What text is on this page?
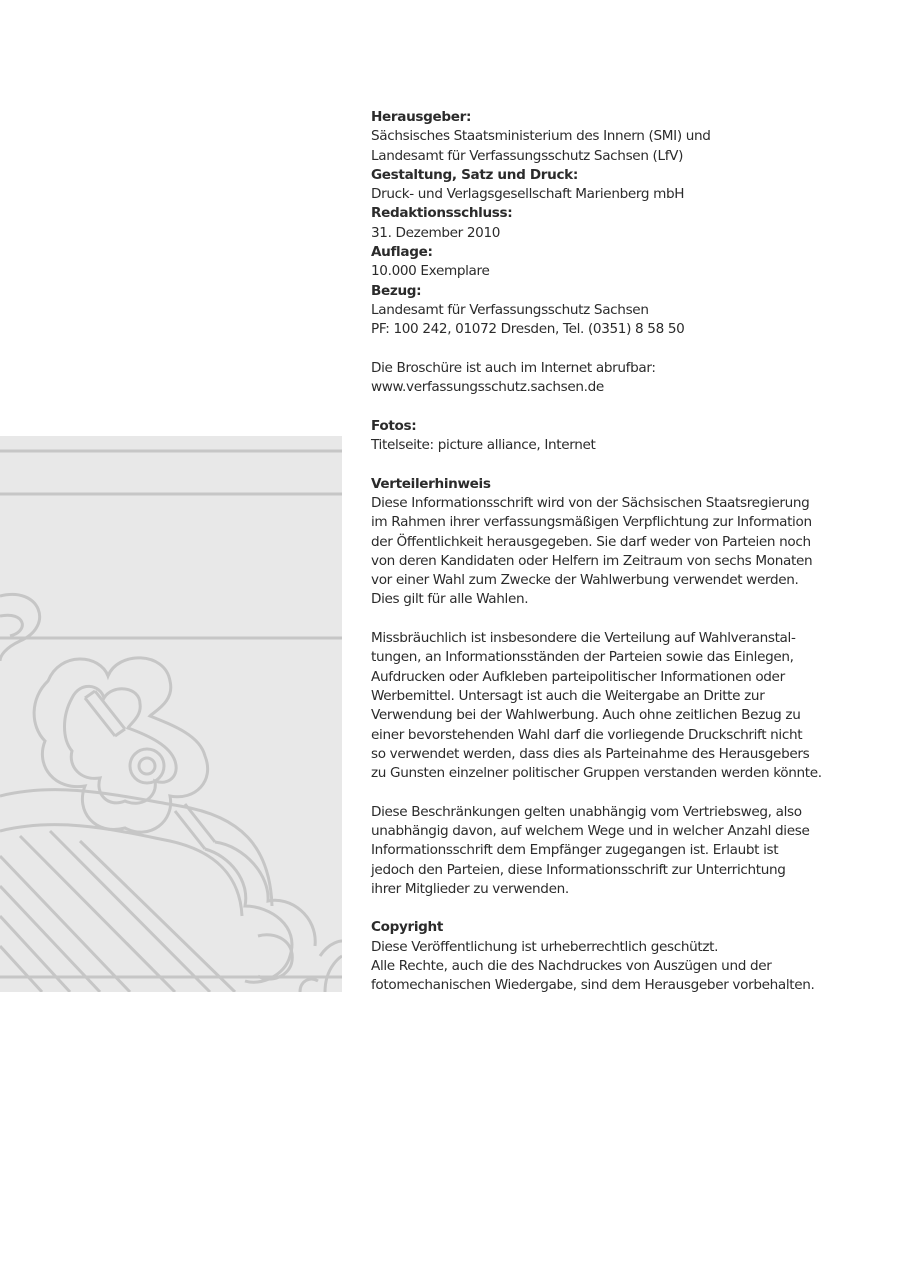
Herausgeber:
Sächsisches Staatsministerium des Innern (SMI) und
Landesamt für Verfassungsschutz Sachsen (LfV)
Gestaltung, Satz und Druck:
Druck- und Verlagsgesellschaft Marienberg mbH
Redaktionsschluss:
31. Dezember 2010
Auflage:
10.000 Exemplare
Bezug:
Landesamt für Verfassungsschutz Sachsen
PF: 100 242, 01072 Dresden, Tel. (0351) 8 58 50
Die Broschüre ist auch im Internet abrufbar:
www.verfassungsschutz.sachsen.de
Fotos:
Titelseite: picture alliance, Internet
Verteilerhinweis
Diese Informationsschrift wird von der Sächsischen Staatsregierung
im Rahmen ihrer verfassungsmäßigen Verpflichtung zur Information
der Öffentlichkeit herausgegeben. Sie darf weder von Parteien noch
von deren Kandidaten oder Helfern im Zeitraum von sechs Monaten
vor einer Wahl zum Zwecke der Wahlwerbung verwendet werden.
Dies gilt für alle Wahlen.
Missbräuchlich ist insbesondere die Verteilung auf Wahlveranstal-
tungen, an Informationsständen der Parteien sowie das Einlegen,
Aufdrucken oder Aufkleben parteipolitischer Informationen oder
Werbemittel. Untersagt ist auch die Weitergabe an Dritte zur
Verwendung bei der Wahlwerbung. Auch ohne zeitlichen Bezug zu
einer bevorstehenden Wahl darf die vorliegende Druckschrift nicht
so verwendet werden, dass dies als Parteinahme des Herausgebers
zu Gunsten einzelner politischer Gruppen verstanden werden könnte.
Diese Beschränkungen gelten unabhängig vom Vertriebsweg, also
unabhängig davon, auf welchem Wege und in welcher Anzahl diese
Informationsschrift dem Empfänger zugegangen ist. Erlaubt ist
jedoch den Parteien, diese Informationsschrift zur Unterrichtung
ihrer Mitglieder zu verwenden.
Copyright
Diese Veröffentlichung ist urheberrechtlich geschützt.
Alle Rechte, auch die des Nachdruckes von Auszügen und der
fotomechanischen Wiedergabe, sind dem Herausgeber vorbehalten.
